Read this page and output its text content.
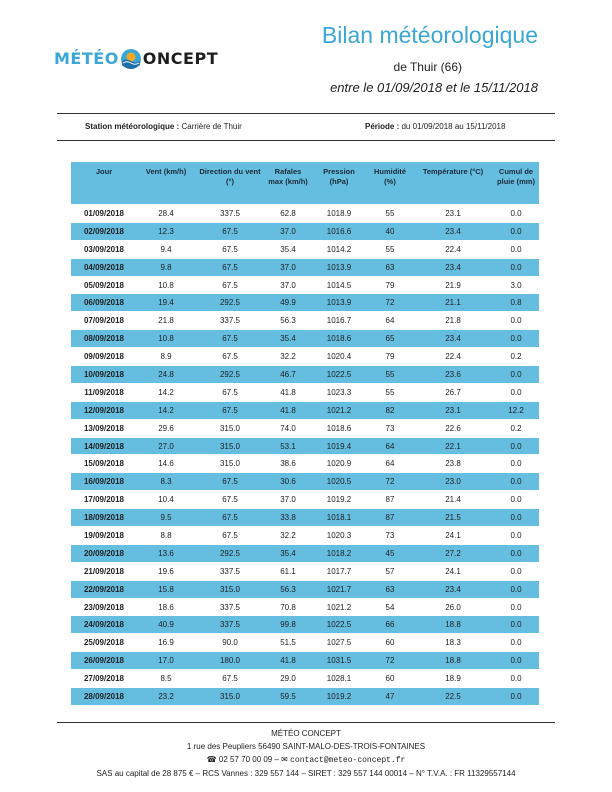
MÉTÉO ONCEPT
Bilan météorologique
de Thuir (66)
entre le 01/09/2018 et le 15/11/2018
Station météorologique : Carrière de Thuir	Période : du 01/09/2018 au 15/11/2018
Jour	Vent (km/h)	Direction du vent (°)	Rafales max (km/h)	Pression (hPa)	Humidité (%)	Température (°C)	Cumul de pluie (mm)
01/09/2018	28.4	337.5	62.8	1018.9	55	23.1	0.0
02/09/2018	12.3	67.5	37.0	1016.6	40	23.4	0.0
03/09/2018	9.4	67.5	35.4	1014.2	55	22.4	0.0
04/09/2018	9.8	67.5	37.0	1013.9	63	23.4	0.0
05/09/2018	10.8	67.5	37.0	1014.5	79	21.9	3.0
06/09/2018	19.4	292.5	49.9	1013.9	72	21.1	0.8
07/09/2018	21.8	337.5	56.3	1016.7	64	21.8	0.0
08/09/2018	10.8	67.5	35.4	1018.6	65	23.4	0.0
09/09/2018	8.9	67.5	32.2	1020.4	79	22.4	0.2
10/09/2018	24.8	292.5	46.7	1022.5	55	23.6	0.0
11/09/2018	14.2	67.5	41.8	1023.3	55	26.7	0.0
12/09/2018	14.2	67.5	41.8	1021.2	82	23.1	12.2
13/09/2018	29.6	315.0	74.0	1018.6	73	22.6	0.2
14/09/2018	27.0	315.0	53.1	1019.4	64	22.1	0.0
15/09/2018	14.6	315.0	38.6	1020.9	64	23.8	0.0
16/09/2018	8.3	67.5	30.6	1020.5	72	23.0	0.0
17/09/2018	10.4	67.5	37.0	1019.2	87	21.4	0.0
18/09/2018	9.5	67.5	33.8	1018.1	87	21.5	0.0
19/09/2018	8.8	67.5	32.2	1020.3	73	24.1	0.0
20/09/2018	13.6	292.5	35.4	1018.2	45	27.2	0.0
21/09/2018	19.6	337.5	61.1	1017.7	57	24.1	0.0
22/09/2018	15.8	315.0	56.3	1021.7	63	23.4	0.0
23/09/2018	18.6	337.5	70.8	1021.2	54	26.0	0.0
24/09/2018	40.9	337.5	99.8	1022.5	66	18.8	0.0
25/09/2018	16.9	90.0	51.5	1027.5	60	18.3	0.0
26/09/2018	17.0	180.0	41.8	1031.5	72	18.8	0.0
27/09/2018	8.5	67.5	29.0	1028.1	60	18.9	0.0
28/09/2018	23.2	315.0	59.5	1019.2	47	22.5	0.0
MÉTÉO CONCEPT
1 rue des Peupliers 56490 SAINT-MALO-DES-TROIS-FONTAINES
☎ 02 57 70 00 09 – ✉ contact@meteo-concept.fr
SAS au capital de 28 875 € – RCS Vannes : 329 557 144 – SIRET : 329 557 144 00014 – N° T.V.A. : FR 11329557144
